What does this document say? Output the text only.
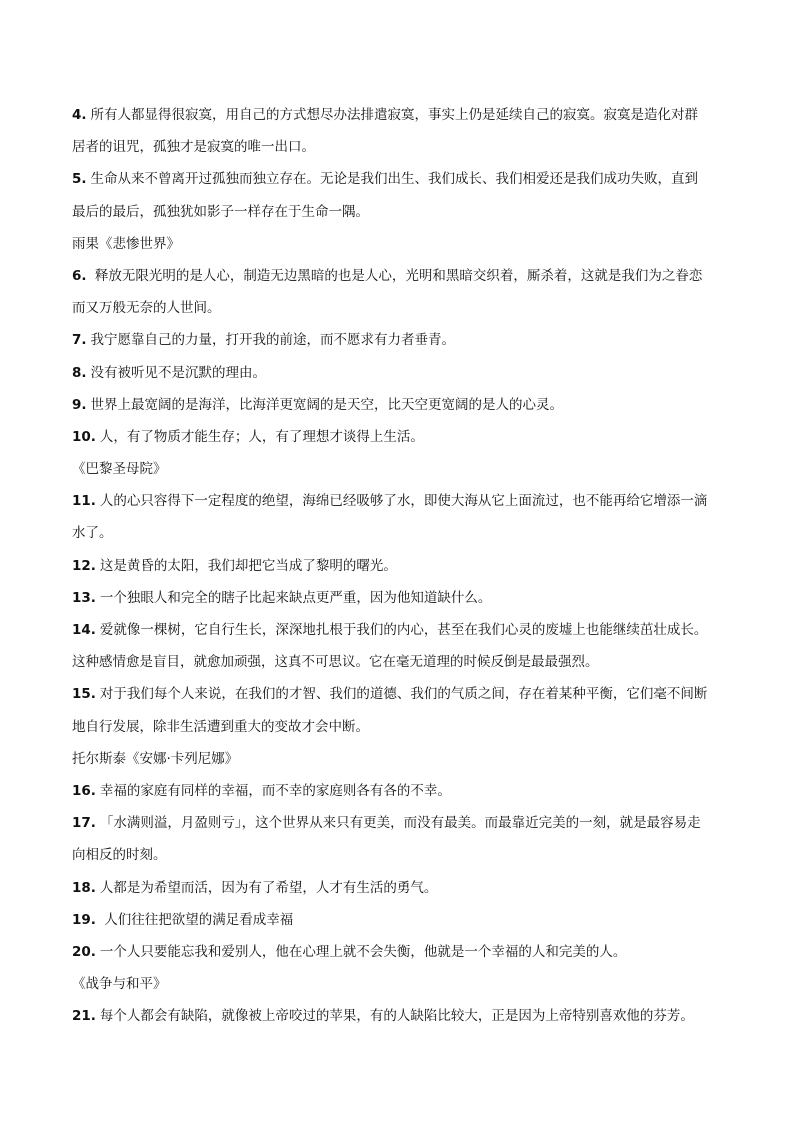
4. 所有人都显得很寂寞，用自己的方式想尽办法排遣寂寞，事实上仍是延续自己的寂寞。寂寞是造化对群
居者的诅咒，孤独才是寂寞的唯一出口。
5. 生命从来不曾离开过孤独而独立存在。无论是我们出生、我们成长、我们相爱还是我们成功失败，直到
最后的最后，孤独犹如影子一样存在于生命一隅。
雨果《悲惨世界》
6. 释放无限光明的是人心，制造无边黑暗的也是人心，光明和黑暗交织着，厮杀着，这就是我们为之眷恋
而又万般无奈的人世间。
7. 我宁愿靠自己的力量，打开我的前途，而不愿求有力者垂青。
8. 没有被听见不是沉默的理由。
9. 世界上最宽阔的是海洋，比海洋更宽阔的是天空，比天空更宽阔的是人的心灵。
10. 人，有了物质才能生存；人，有了理想才谈得上生活。
《巴黎圣母院》
11. 人的心只容得下一定程度的绝望，海绵已经吸够了水，即使大海从它上面流过，也不能再给它增添一滴
水了。
12. 这是黄昏的太阳，我们却把它当成了黎明的曙光。
13. 一个独眼人和完全的瞎子比起来缺点更严重，因为他知道缺什么。
14. 爱就像一棵树，它自行生长，深深地扎根于我们的内心，甚至在我们心灵的废墟上也能继续茁壮成长。
这种感情愈是盲目，就愈加顽强，这真不可思议。它在毫无道理的时候反倒是最最强烈。
15. 对于我们每个人来说，在我们的才智、我们的道德、我们的气质之间，存在着某种平衡，它们毫不间断
地自行发展，除非生活遭到重大的变故才会中断。
托尔斯泰《安娜·卡列尼娜》
16. 幸福的家庭有同样的幸福，而不幸的家庭则各有各的不幸。
17. 「水满则溢，月盈则亏」，这个世界从来只有更美，而没有最美。而最靠近完美的一刻，就是最容易走
向相反的时刻。
18. 人都是为希望而活，因为有了希望，人才有生活的勇气。
19. 人们往往把欲望的满足看成幸福
20. 一个人只要能忘我和爱别人，他在心理上就不会失衡，他就是一个幸福的人和完美的人。
《战争与和平》
21. 每个人都会有缺陷，就像被上帝咬过的苹果，有的人缺陷比较大，正是因为上帝特别喜欢他的芬芳。
